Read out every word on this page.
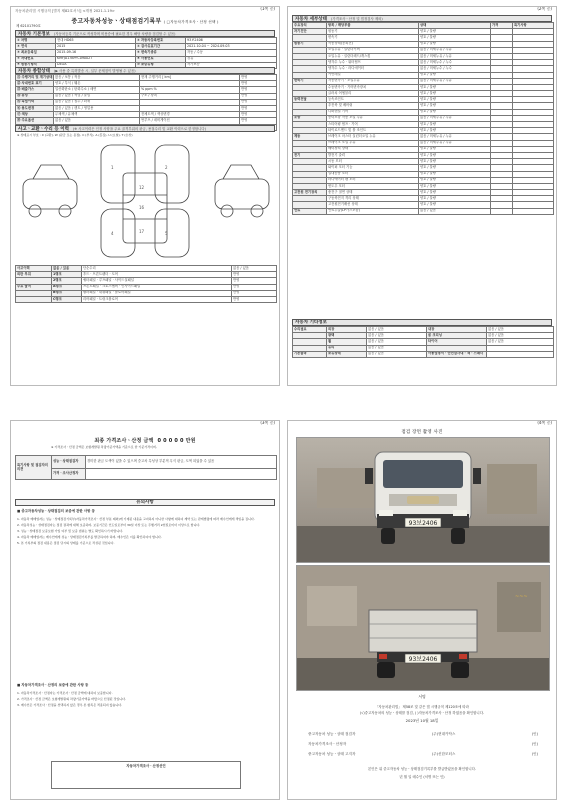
(1쪽 중)
자동차관리법 시행규칙 [별지 제82호서식] <개정 2021.1.19>
중고자동차성능ㆍ상태점검기록부 ( □자동차가격조사ㆍ산정 선택 )
제 62101790호
자동차 기본정보 (자동차등록 기준으로 작성하며 비용증에 필요한 경우 해당 차량을 점검할 수 있음)
① 차명	현대 HD65	② 자동차등록번호	93보2406
③ 연식	2015	④ 검사유효기간	2021.10.04 ~ 2024.09.03
⑤ 최초등록일	2015-09-16	⑥ 변속기종류	자동 / 수동
⑦ 차대번호	KMFJA17BPFC090027	⑧ 사용연료	경유
⑨ 원동기형식	D4GA	⑩ 보증유형	자가보증
자동차 종합상태 (▶ 사용 중 특허발송 시, 일부 문제점이 발생될 수 있음)
⑪ 주행거리 및 계기상태	많음 / 보통 / 적음	현재 주행거리 [ km]	반영
⑫ 차대번호 표기	양호 / 부식 / 훼손		반영
⑬ 배출가스	일산화탄소 / 탄화수소 / 매연	% ppm %	반영
⑭ 튜닝	없음 / 있음 / 적법 / 불법	구조 / 장치	반영
⑮ 특별이력	없음 / 있음 / 침수 / 화재		반영
⑯ 용도변경	없음 / 있음 / 렌트 / 영업용		반영
⑰ 색상	무채색 / 유채색	전체도색 / 색상변경	반영
⑱ 주요옵션	없음 / 있음	썬루프 / 네비게이션	반영

사고ㆍ교환ㆍ수리 등 이력 (※ 사고이력은 인정 사항을 주요 골격부위의 판금, 용접수리 및 교환 이력으로 한정합니다)
※ 상태표시 부호 : X (교환), W (판금 또는 용접), C (부식), A (흠집), U (요철), T (손상)
12
16
17
1	2
4	5
사고이력	없음 / 있음	단순수리	없음 / 있음
외판 부위	1랭크	후드 · 프론트펜더 · 도어	반영
	2랭크	쿼터패널 · 루프패널 · 사이드실패널	반영
주요 골격	A랭크	프론트패널 · 크로스멤버 · 인사이드패널	반영
	B랭크	필러패널 · 대쉬패널 · 플로어패널	반영
	C랭크	리어패널 · 트렁크플로어	반영
(2쪽 중)
자동차 세부상태 (가격조사ㆍ산정 및 법정검사 제외)
주요장치	항목 / 해당부품	상태	가격	특기사항
자기진단	원동기	양호 / 불량		
	변속기	양호 / 불량		
원동기	작동상태(공회전)	양호 / 불량		
	오일누유 · 실린더커버	없음 / 미세누유 / 누유		
	오일누유 · 실린더헤드/개스킷	없음 / 미세누유 / 누유		
	냉각수 누수 · 워터펌프	없음 / 미세누수 / 누수		
	냉각수 누수 · 라디에이터	없음 / 미세누수 / 누수		
	커먼레일	양호 / 불량		
변속기	자동변속기 · 오일누유	없음 / 미세누유 / 누유		
	수동변속기 · 기어변속장치	양호 / 불량		
	클러치 어셈블리	양호 / 불량		
동력전달	등속조인트	양호 / 불량		
	추진축 및 베어링	양호 / 불량		
	디퍼렌셜 기어	양호 / 불량		
조향	동력조향 작동 오일 누유	없음 / 미세누유 / 누유		
	스티어링 펌프 · 기어	양호 / 불량		
	타이로드엔드 및 볼 조인트	양호 / 불량		
제동	브레이크 마스터 실린더오일 누유	없음 / 미세누유 / 누유		
	브레이크 오일 누유	없음 / 미세누유 / 누유		
	배력장치 상태	양호 / 불량		
전기	발전기 출력	양호 / 불량		
	시동 모터	양호 / 불량		
	와이퍼 모터 기능	양호 / 불량		
	실내송풍 모터	양호 / 불량		
	라디에이터 팬 모터	양호 / 불량		
	윈도우 모터	양호 / 불량		
고전원 전기장치	충전구 절연 상태	양호 / 불량		
	구동축전지 격리 상태	양호 / 불량		
	고전원전기배선 상태	양호 / 불량		
연료	연료누출(LP가스포함)	없음 / 있음		
자동차 기타정보
수리필요	외장	없음 / 있음	내장	없음 / 있음
	광택	없음 / 있음	룸 크리닝	없음 / 있음
	휠	없음 / 있음	타이어	없음 / 있음
	유리	없음 / 있음		
기본품목	보유상태	없음 / 있음	사용설명서 · 안전삼각대 · 잭 · 스패너	
(3쪽 중)
최종 가격조사ㆍ산정 금액 0 0 0 0 0 만원
※ 가격조사ㆍ산정 금액은 보험개발원 차량기준가액을 기준으로 한 기준가격이며,
특기사항 및 점검자의 의견	성능ㆍ상태점검자	경미한 판금 도색이 있을 수 있으며 중고차 특성상 부분적 무식 판금, 도색 되었을 수 있음
	가격ㆍ조사산정자	
유의사항
■ 중고자동차성능ㆍ상태점검의 보증에 관한 사항 등
1. 자동차 매매업자는 성능ㆍ상태점검기록부(자동차가격조사ㆍ산정 부분 제외)에 기재된 내용을 고지하지 아니한 사항에 대하여 계약 또는 관계법령에 따라 매수인에게 책임을 집니다.
2. 자동차성능ㆍ상태점검자는 점검 결과에 대해 보증하며, 보증기간은 인도일로부터 30일 이상 또는 주행거리 2천킬로미터 이상으로 합니다.
3. 성능ㆍ상태점검 보증보험 가입 여부 및 보증 범위는 별도 확인하시기 바랍니다.
4. 자동차 매매업자는 매수인에게 성능ㆍ상태점검기록부를 발급하여야 하며, 매수인은 이를 확인하여야 합니다.
5. 본 기록부의 점검 내용은 점검 당시의 상태를 기준으로 작성된 것입니다.
■ 자동차가격조사ㆍ산정의 보증에 관한 사항 등
1. 자동차가격조사ㆍ산정자는 가격조사ㆍ산정 금액에 대하여 보증합니다.
2. 가격조사ㆍ산정 금액은 보험개발원의 차량기준가액을 바탕으로 산정된 것입니다.
3. 매수인은 가격조사ㆍ산정을 선택하지 않은 경우 본 항목은 적용되지 않습니다.
자동차가격조사ㆍ산정선언
(4쪽 중)
점검 장면 촬영 사진
93보2406
~~~
93보2406
서명
「자동차관리법」 제58조 및 같은 법 시행규칙 제120조에 따라
(√)중고자동차의 성능ㆍ상태를 점검, ( )자동차가격조사ㆍ산정 하였음을 확인합니다.
2023년 10월 18일
중고자동차 성능ㆍ상태 점검자	(주)현대카닥스	(인)
자동차가격조사ㆍ산정자	(인)
중고자동차 성능ㆍ상태 고지자	(주)신한모터스	(인)
본인은 위 중고자동차 성능ㆍ상태점검기록부를 발급받았음을 확인합니다.
년 월 일 매수인 (서명 또는 인)
